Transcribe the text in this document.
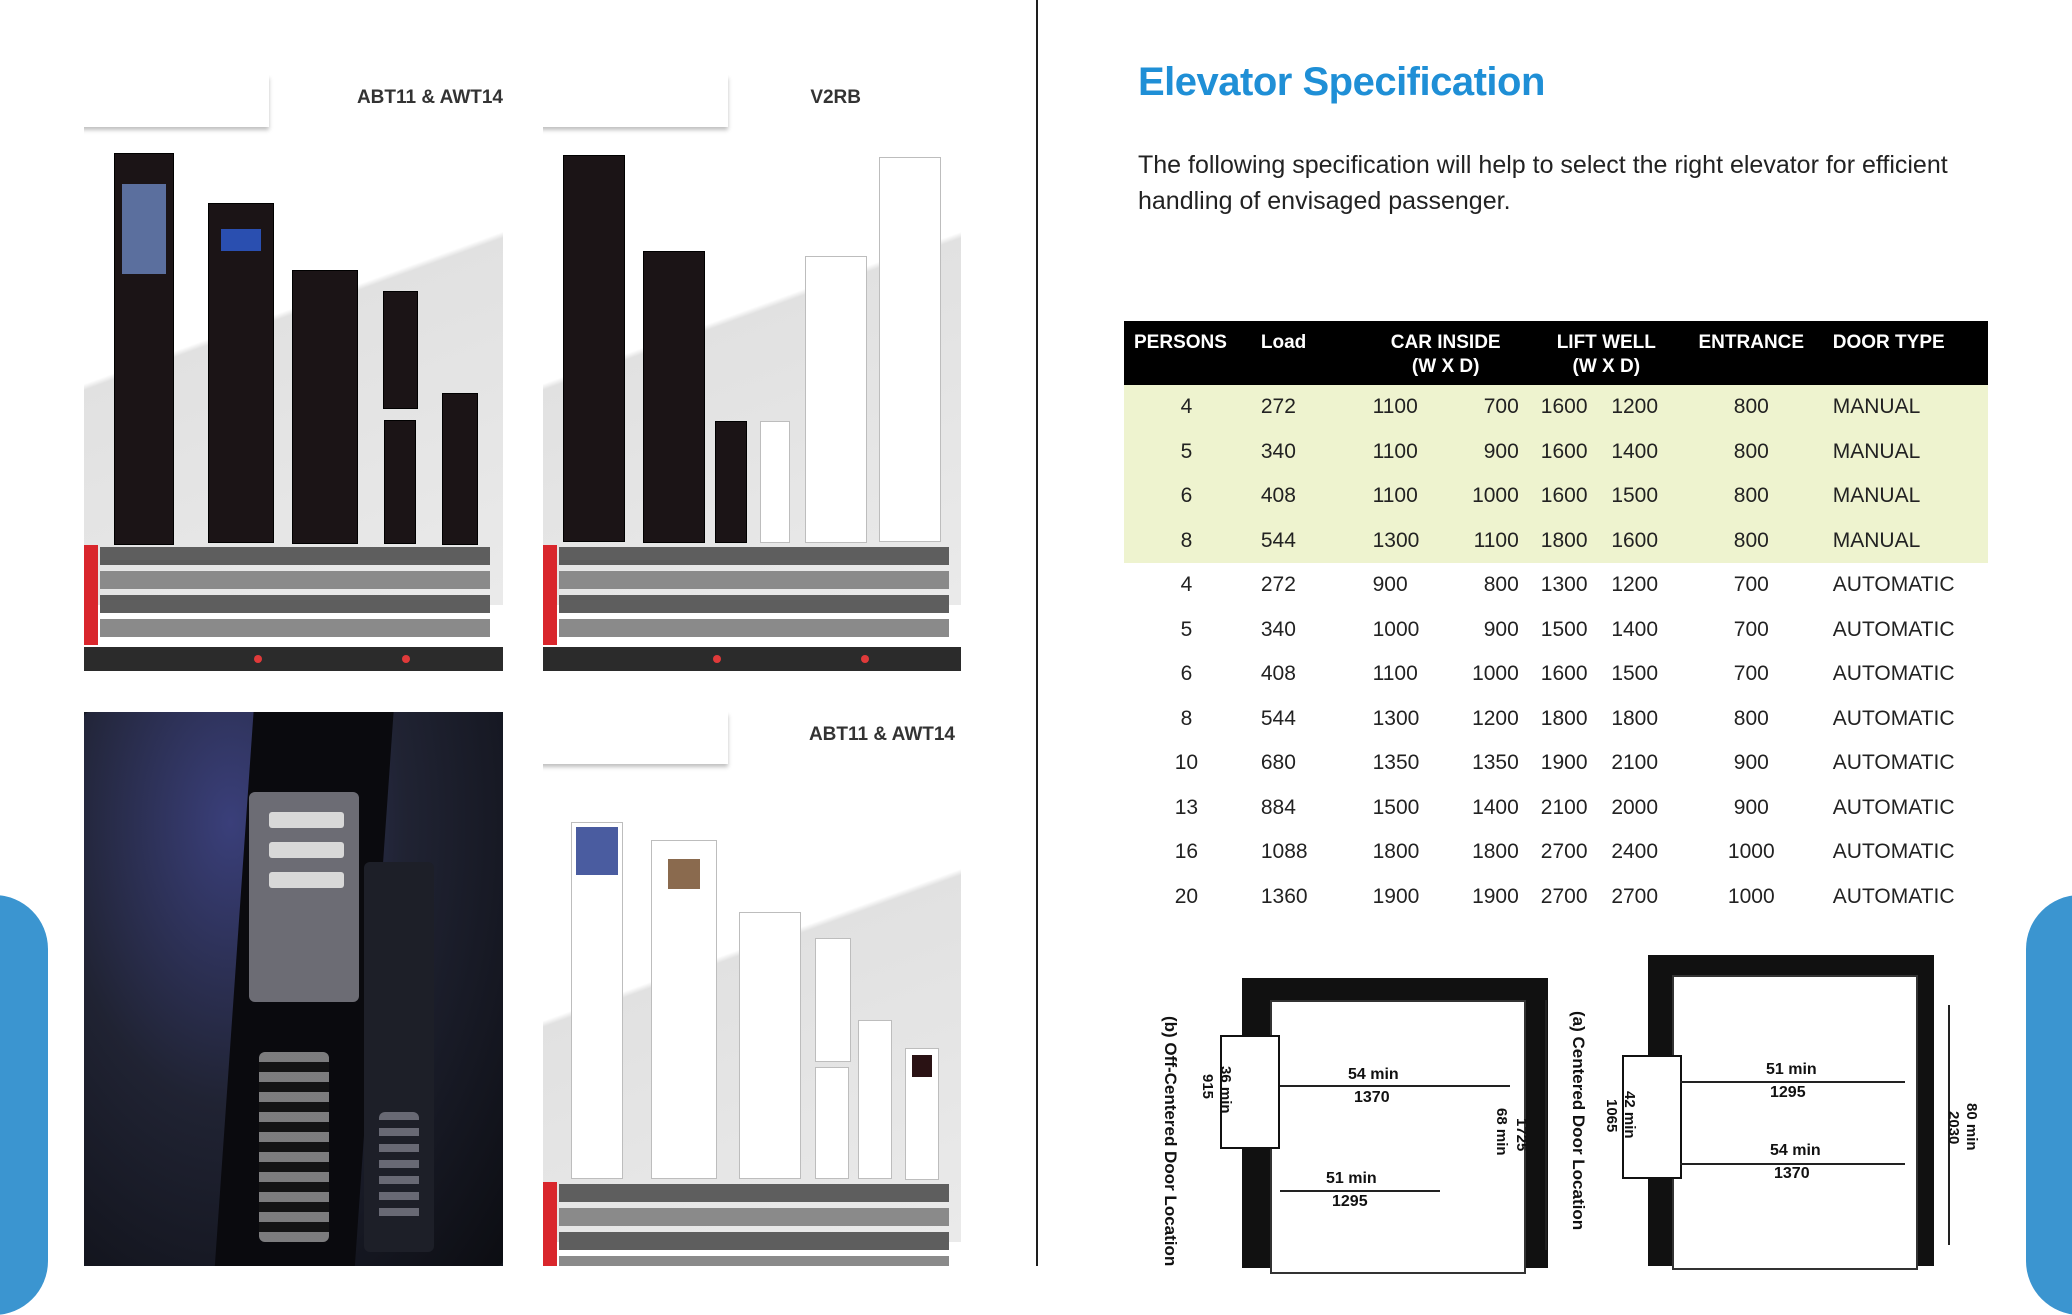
ABT11 & AWT14	V2RB
ABT11 & AWT14
Elevator Specification
The following specification will help to select the right elevator for efficient handling of envisaged passenger.
PERSONS	Load	CAR INSIDE
(W X D)		LIFT WELL
(W X D)		ENTRANCE	DOOR TYPE
4	272	1100	700	1600	1200	800	MANUAL
5	340	1100	900	1600	1400	800	MANUAL
6	408	1100	1000	1600	1500	800	MANUAL
8	544	1300	1100	1800	1600	800	MANUAL
4	272	900	800	1300	1200	700	AUTOMATIC
5	340	1000	900	1500	1400	700	AUTOMATIC
6	408	1100	1000	1600	1500	700	AUTOMATIC
8	544	1300	1200	1800	1800	800	AUTOMATIC
10	680	1350	1350	1900	2100	900	AUTOMATIC
13	884	1500	1400	2100	2000	900	AUTOMATIC
16	1088	1800	1800	2700	2400	1000	AUTOMATIC
20	1360	1900	1900	2700	2700	1000	AUTOMATIC
(b) Off-Centered Door Location	54 min
1370
51 min
1295
68 min 1725
36 min
915	(a) Centered Door Location	51 min
1295
54 min
1370
80 min
2030
42 min
1065
